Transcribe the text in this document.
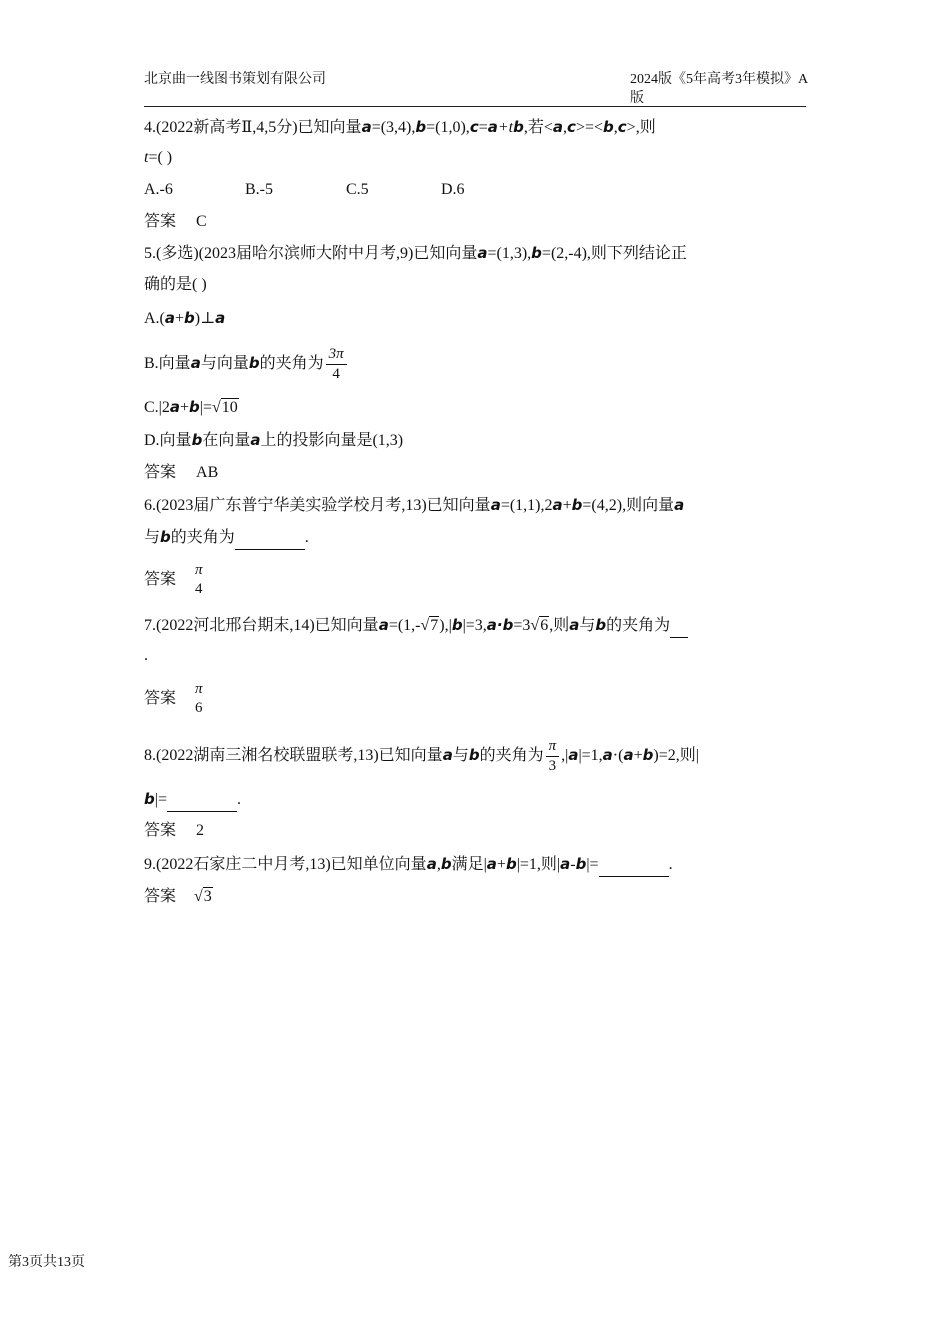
北京曲一线图书策划有限公司	2024版《5年高考3年模拟》A版
4.(2022新高考Ⅱ,4,5分)已知向量a=(3,4),b=(1,0),c=a+tb,若<a,c>=<b,c>,则
t=( )
A.-6	B.-5	C.5	D.6
答案 C
5.(多选)(2023届哈尔滨师大附中月考,9)已知向量a=(1,3),b=(2,-4),则下列结论正
确的是( )
A.(a+b)⊥a
B.向量a与向量b的夹角为 $\frac{3\pi}{4}$
C.|2a+b|=√10
D.向量b在向量a上的投影向量是(1,3)
答案 AB
6.(2023届广东普宁华美实验学校月考,13)已知向量a=(1,1),2a+b=(4,2),则向量a
与b的夹角为	.
答案
π
4
7.(2022河北邢台期末,14)已知向量a=(1,-√7),|b|=3,a·b=3√6,则a与b的夹角为
.
答案
π
6
8.(2022湖南三湘名校联盟联考,13)已知向量a与b的夹角为 $\frac{\pi}{3} ,|a|=1,a\cdot(a+b)=2$,则|
b|=	.
答案 2
9.(2022石家庄二中月考,13)已知单位向量a,b满足|a+b|=1,则|a-b|=	.
答案 √3
第3页共13页
